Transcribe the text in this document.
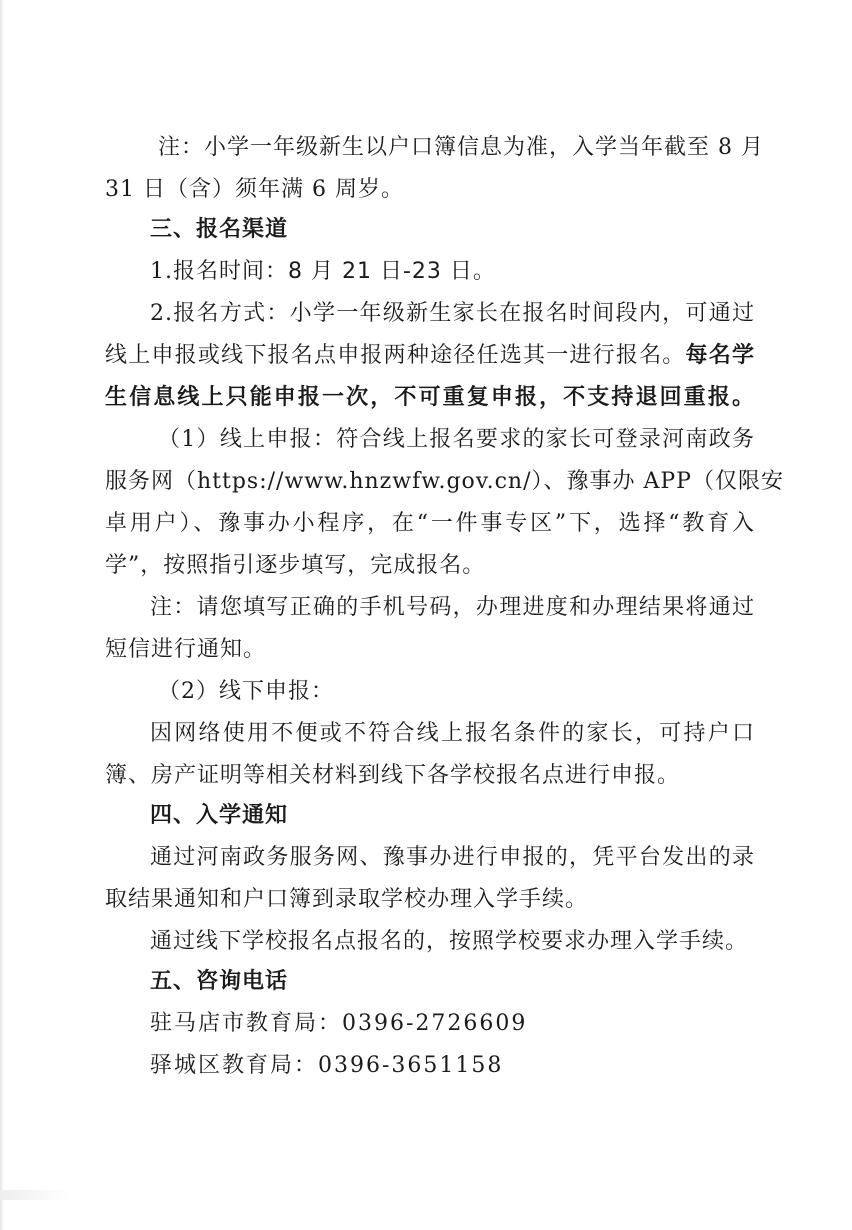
注：小学一年级新生以户口簿信息为准，入学当年截至 8 月
31 日（含）须年满 6 周岁。
三、报名渠道
1.报名时间：8 月 21 日-23 日。
2.报名方式：小学一年级新生家长在报名时间段内，可通过
线上申报或线下报名点申报两种途径任选其一进行报名。每名学
生信息线上只能申报一次，不可重复申报，不支持退回重报。
（1）线上申报：符合线上报名要求的家长可登录河南政务
服务网（https://www.hnzwfw.gov.cn/）、豫事办 APP（仅限安
卓用户）、豫事办小程序，在“一件事专区”下，选择“教育入
学”，按照指引逐步填写，完成报名。
注：请您填写正确的手机号码，办理进度和办理结果将通过
短信进行通知。
（2）线下申报：
因网络使用不便或不符合线上报名条件的家长，可持户口
簿、房产证明等相关材料到线下各学校报名点进行申报。
四、入学通知
通过河南政务服务网、豫事办进行申报的，凭平台发出的录
取结果通知和户口簿到录取学校办理入学手续。
通过线下学校报名点报名的，按照学校要求办理入学手续。
五、咨询电话
驻马店市教育局：0396-2726609
驿城区教育局：0396-3651158
